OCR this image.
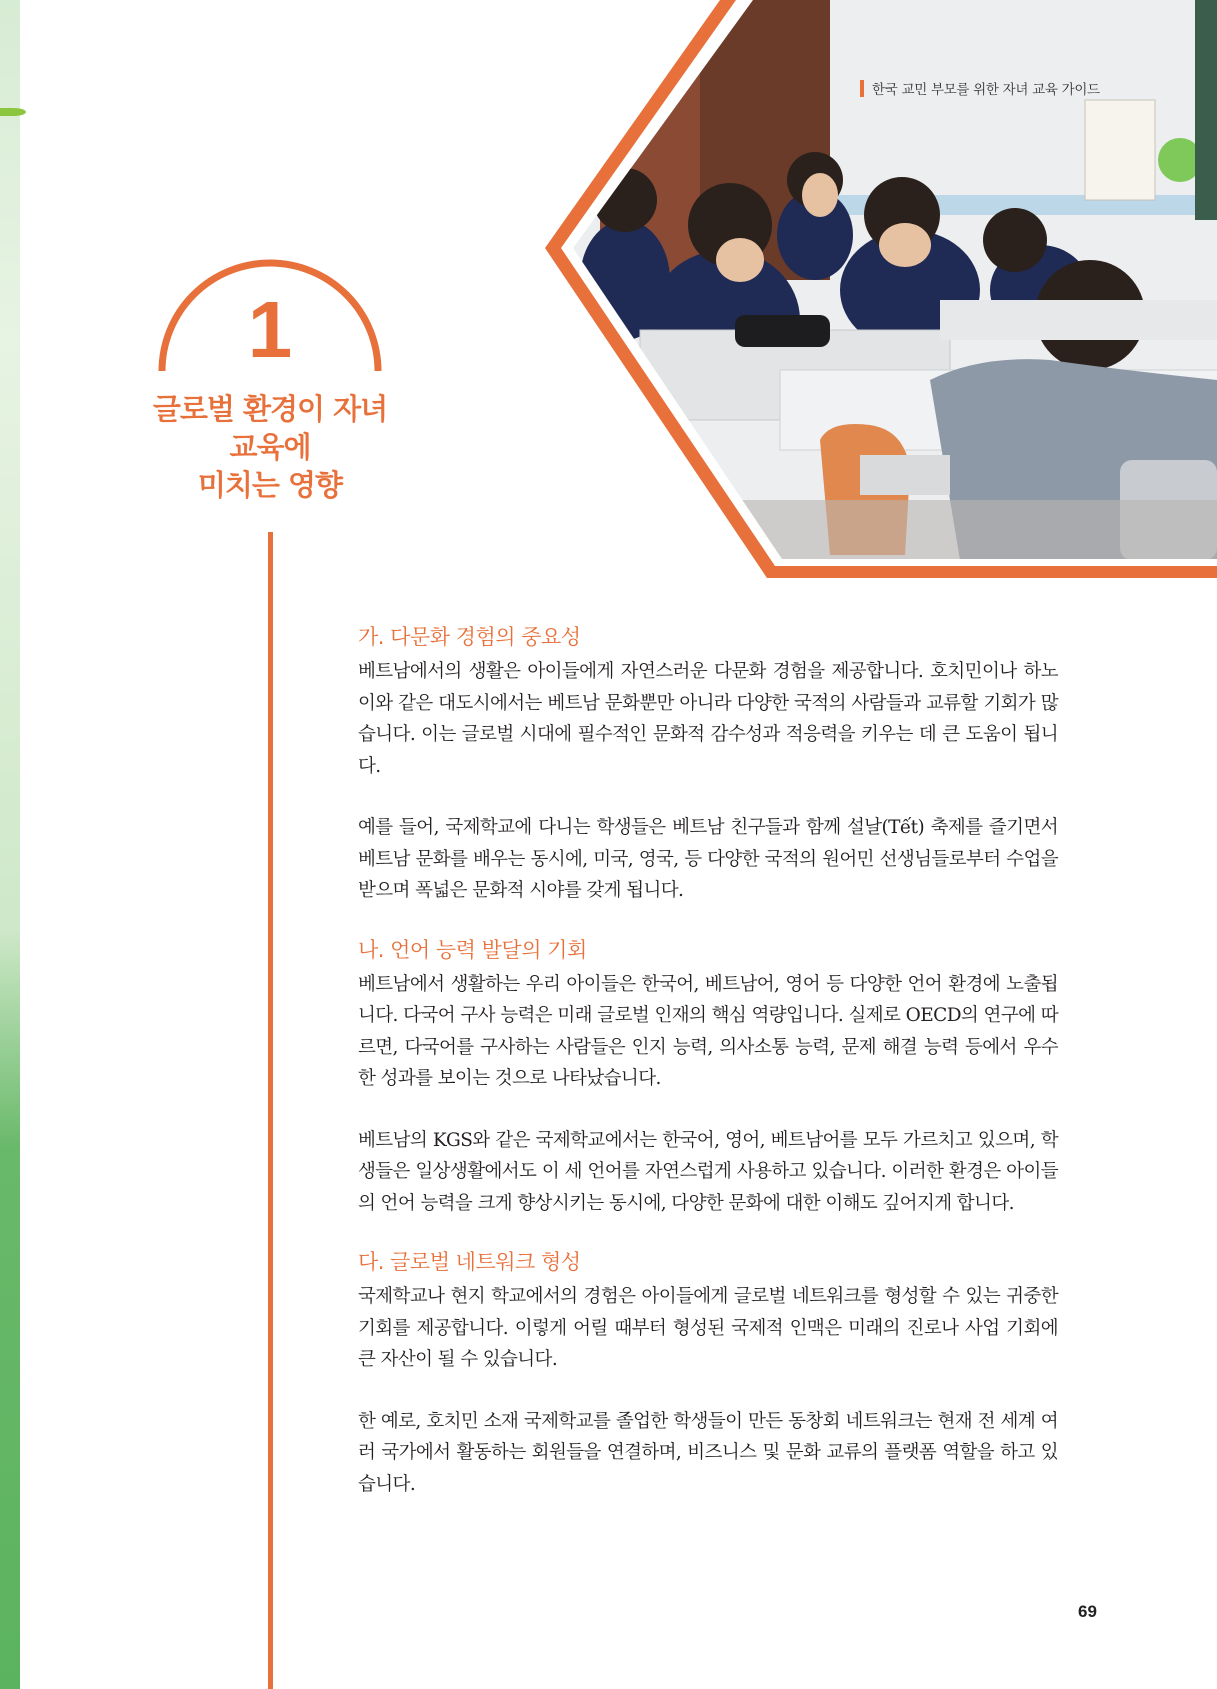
한국 교민 부모를 위한 자녀 교육 가이드
1
글로벌 환경이 자녀
교육에
미치는 영향
가. 다문화 경험의 중요성

베트남에서의 생활은 아이들에게 자연스러운 다문화 경험을 제공합니다. 호치민이나 하노이와 같은 대도시에서는 베트남 문화뿐만 아니라 다양한 국적의 사람들과 교류할 기회가 많습니다. 이는 글로벌 시대에 필수적인 문화적 감수성과 적응력을 키우는 데 큰 도움이 됩니다.

예를 들어, 국제학교에 다니는 학생들은 베트남 친구들과 함께 설날(Tết) 축제를 즐기면서 베트남 문화를 배우는 동시에, 미국, 영국, 등 다양한 국적의 원어민 선생님들로부터 수업을 받으며 폭넓은 문화적 시야를 갖게 됩니다.

나. 언어 능력 발달의 기회

베트남에서 생활하는 우리 아이들은 한국어, 베트남어, 영어 등 다양한 언어 환경에 노출됩니다. 다국어 구사 능력은 미래 글로벌 인재의 핵심 역량입니다. 실제로 OECD의 연구에 따르면, 다국어를 구사하는 사람들은 인지 능력, 의사소통 능력, 문제 해결 능력 등에서 우수한 성과를 보이는 것으로 나타났습니다.

베트남의 KGS와 같은 국제학교에서는 한국어, 영어, 베트남어를 모두 가르치고 있으며, 학생들은 일상생활에서도 이 세 언어를 자연스럽게 사용하고 있습니다. 이러한 환경은 아이들의 언어 능력을 크게 향상시키는 동시에, 다양한 문화에 대한 이해도 깊어지게 합니다.

다. 글로벌 네트워크 형성

국제학교나 현지 학교에서의 경험은 아이들에게 글로벌 네트워크를 형성할 수 있는 귀중한 기회를 제공합니다. 이렇게 어릴 때부터 형성된 국제적 인맥은 미래의 진로나 사업 기회에 큰 자산이 될 수 있습니다.

한 예로, 호치민 소재 국제학교를 졸업한 학생들이 만든 동창회 네트워크는 현재 전 세계 여러 국가에서 활동하는 회원들을 연결하며, 비즈니스 및 문화 교류의 플랫폼 역할을 하고 있습니다.

69
